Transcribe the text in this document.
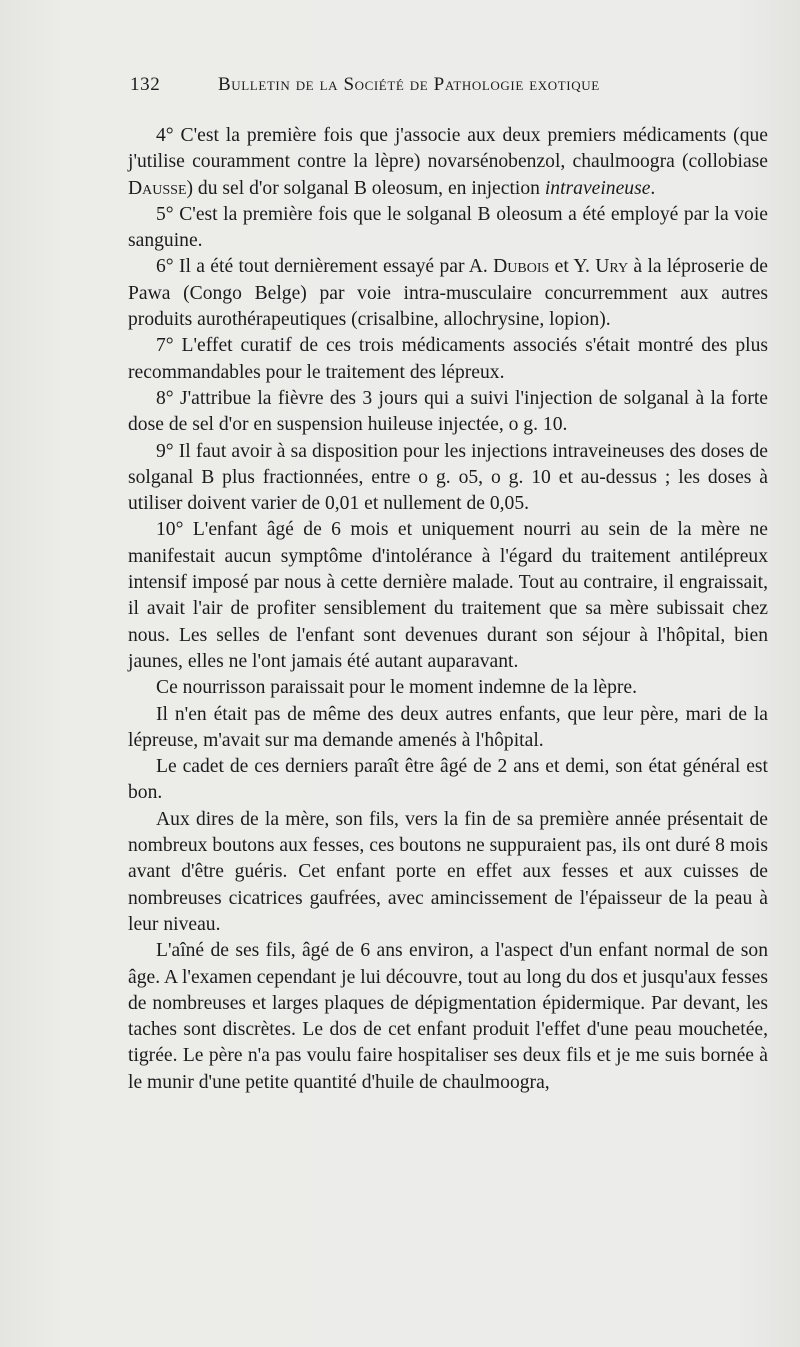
132	Bulletin de la Société de Pathologie exotique

4° C'est la première fois que j'associe aux deux premiers médicaments (que j'utilise couramment contre la lèpre) novarsénobenzol, chaulmoogra (collobiase Dausse) du sel d'or solganal B oleosum, en injection intraveineuse.

5° C'est la première fois que le solganal B oleosum a été employé par la voie sanguine.

6° Il a été tout dernièrement essayé par A. Dubois et Y. Ury à la léproserie de Pawa (Congo Belge) par voie intra-musculaire concurremment aux autres produits aurothérapeutiques (crisalbine, allochrysine, lopion).

7° L'effet curatif de ces trois médicaments associés s'était montré des plus recommandables pour le traitement des lépreux.

8° J'attribue la fièvre des 3 jours qui a suivi l'injection de solganal à la forte dose de sel d'or en suspension huileuse injectée, o g. 10.

9° Il faut avoir à sa disposition pour les injections intraveineuses des doses de solganal B plus fractionnées, entre o g. o5, o g. 10 et au-dessus ; les doses à utiliser doivent varier de 0,01 et nullement de 0,05.

10° L'enfant âgé de 6 mois et uniquement nourri au sein de la mère ne manifestait aucun symptôme d'intolérance à l'égard du traitement antilépreux intensif imposé par nous à cette dernière malade. Tout au contraire, il engraissait, il avait l'air de profiter sensiblement du traitement que sa mère subissait chez nous. Les selles de l'enfant sont devenues durant son séjour à l'hôpital, bien jaunes, elles ne l'ont jamais été autant auparavant.

Ce nourrisson paraissait pour le moment indemne de la lèpre.

Il n'en était pas de même des deux autres enfants, que leur père, mari de la lépreuse, m'avait sur ma demande amenés à l'hôpital.

Le cadet de ces derniers paraît être âgé de 2 ans et demi, son état général est bon.

Aux dires de la mère, son fils, vers la fin de sa première année présentait de nombreux boutons aux fesses, ces boutons ne suppuraient pas, ils ont duré 8 mois avant d'être guéris. Cet enfant porte en effet aux fesses et aux cuisses de nombreuses cicatrices gaufrées, avec amincissement de l'épaisseur de la peau à leur niveau.

L'aîné de ses fils, âgé de 6 ans environ, a l'aspect d'un enfant normal de son âge. A l'examen cependant je lui découvre, tout au long du dos et jusqu'aux fesses de nombreuses et larges plaques de dépigmentation épidermique. Par devant, les taches sont discrètes. Le dos de cet enfant produit l'effet d'une peau mouchetée, tigrée. Le père n'a pas voulu faire hospitaliser ses deux fils et je me suis bornée à le munir d'une petite quantité d'huile de chaulmoogra,
